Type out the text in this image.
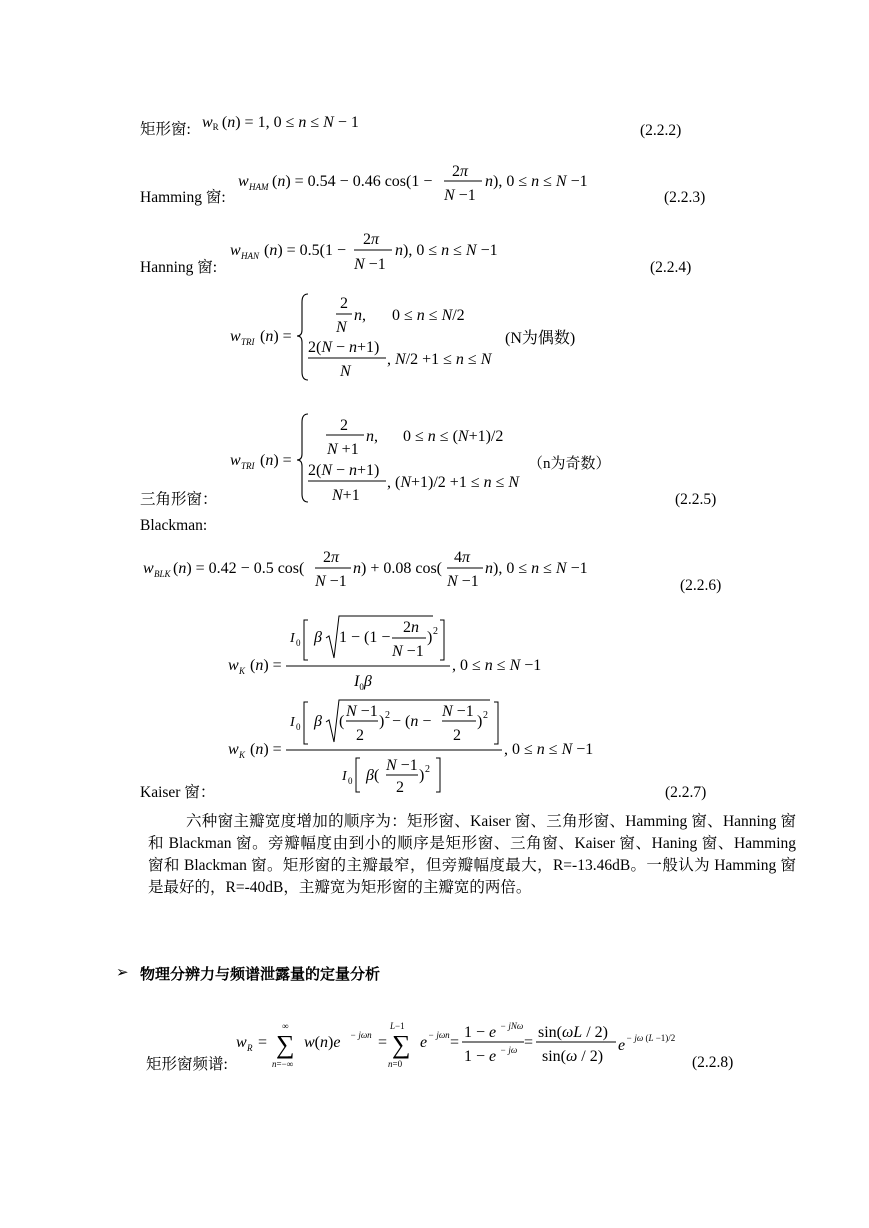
矩形窗: wR (n) = 1, 0 ≤ n ≤ N − 1	(2.2.2)
Hamming 窗:
w HAM (n) = 0.54 − 0.46 cos(1 −
2π
N −1
n), 0 ≤ n ≤ N −1
(2.2.3)
Hanning 窗:
w HAN (n) = 0.5(1 −
2π
N −1
n), 0 ≤ n ≤ N −1
(2.2.4)
w TRI (n) =
2
N
n, 0 ≤ n ≤ N/2
2(N − n+1)
N
, N/2 +1 ≤ n ≤ N
(N为偶数)
w TRI (n) =
2
N +1
n, 0 ≤ n ≤ (N+1)/2
2(N − n+1)
N+1
, (N+1)/2 +1 ≤ n ≤ N
（n为奇数）
三角形窗：	(2.2.5)
Blackman:
w BLK (n) = 0.42 − 0.5 cos(
2π
N −1
n) + 0.08 cos(
4π
N −1
n), 0 ≤ n ≤ N −1
(2.2.6)
w K (n) =
I 0 β 1 − (1 −
2n
N −1
) 2
$I_0\beta$
, 0 ≤ n ≤ N −1
w K (n) =
I 0 β (
N −1
2
) 2 − (n −
N −1
2
) 2
I 0 β(
N −1
2
) 2
, 0 ≤ n ≤ N −1
Kaiser 窗：	(2.2.7)
六种窗主瓣宽度增加的顺序为：矩形窗、Kaiser 窗、三角形窗、Hamming 窗、Hanning 窗和 Blackman 窗。旁瓣幅度由到小的顺序是矩形窗、三角窗、Kaiser 窗、Haning 窗、Hamming 窗和 Blackman 窗。矩形窗的主瓣最窄，但旁瓣幅度最大，R=-13.46dB。一般认为 Hamming 窗是最好的，R=-40dB，主瓣宽为矩形窗的主瓣宽的两倍。
➢ 物理分辨力与频谱泄露量的定量分析
w R =
∞
∑
n=−∞
w(n)e − jωn =
L−1
∑
n=0
e − jωn =
1 − e − jNω
1 − e − jω =
sin(ωL / 2)
sin(ω / 2)
e − jω (L −1)/2
矩形窗频谱:	(2.2.8)
